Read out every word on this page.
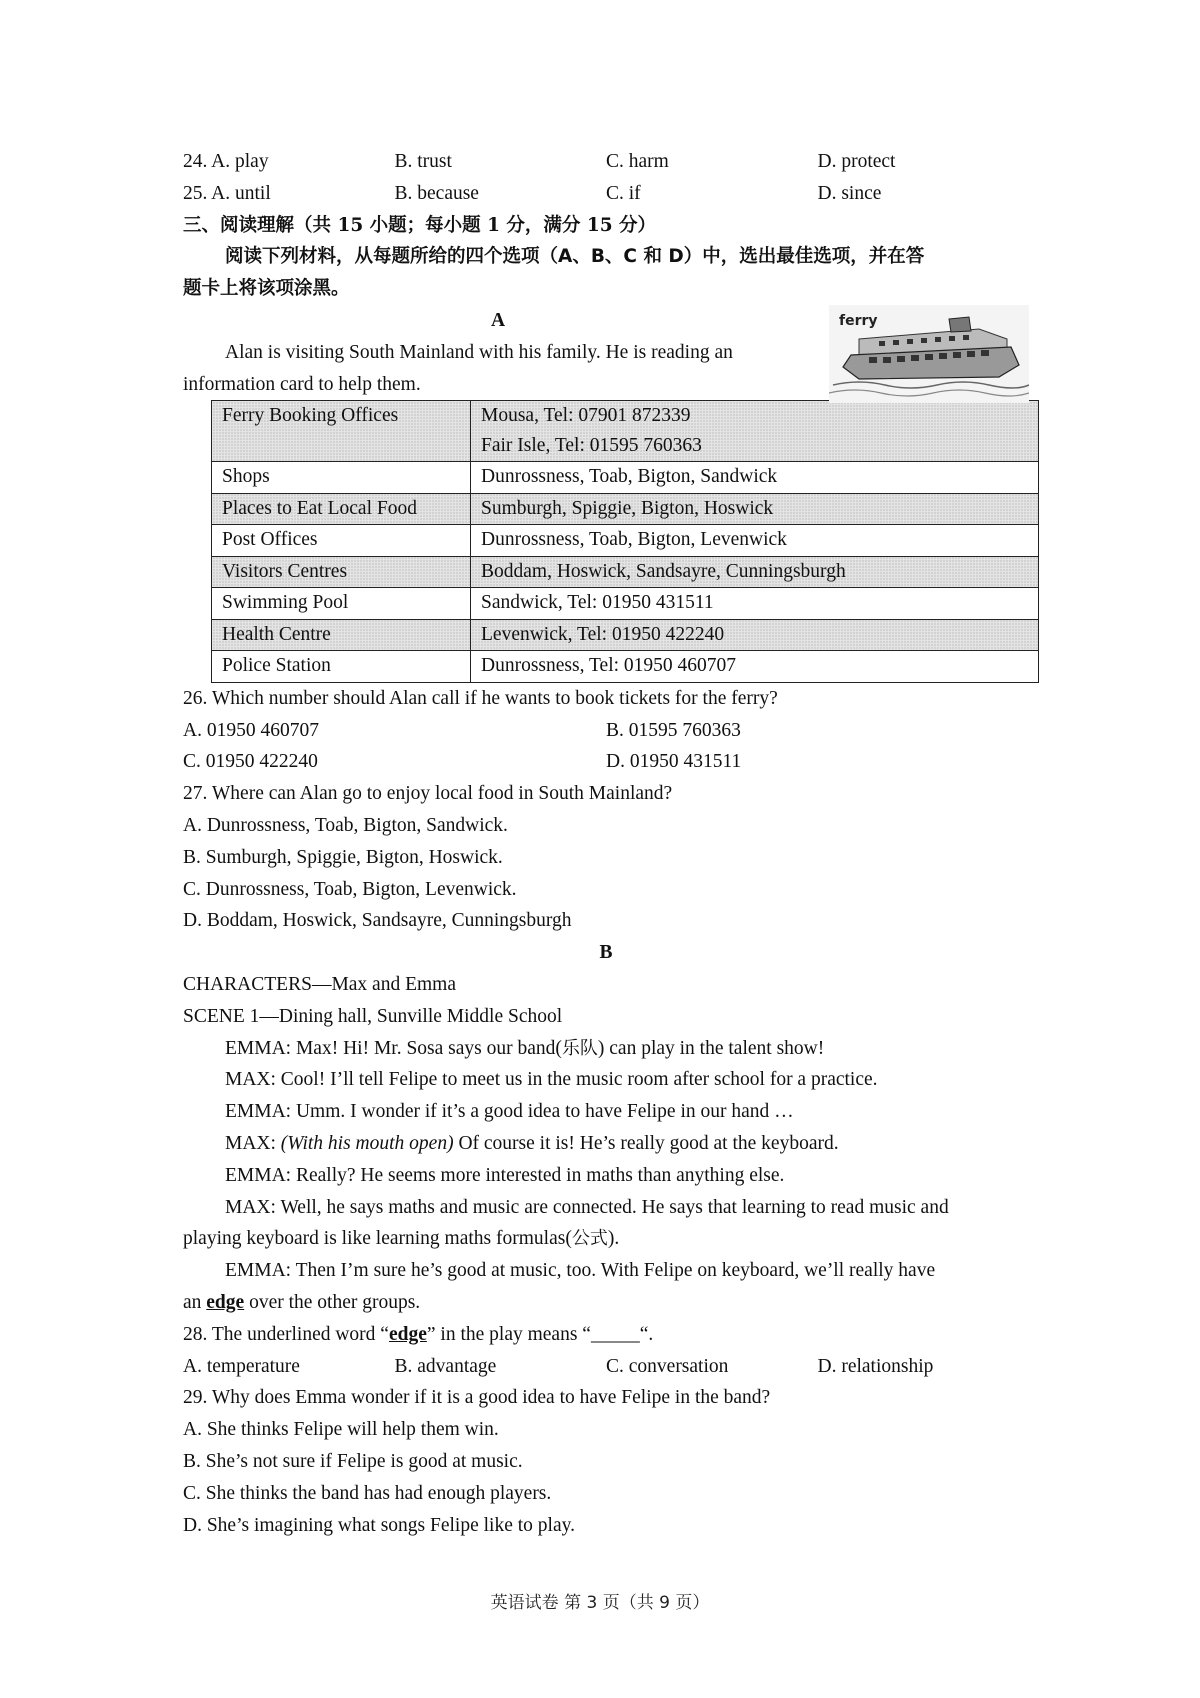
24. A. play	B. trust	C. harm	D. protect
25. A. until	B. because	C. if	D. since
三、阅读理解（共 15 小题；每小题 1 分，满分 15 分）
阅读下列材料，从每题所给的四个选项（A、B、C 和 D）中，选出最佳选项，并在答
题卡上将该项涂黑。
ferry
A
Alan is visiting South Mainland with his family. He is reading an
information card to help them.
Ferry Booking Offices	Mousa, Tel: 07901 872339
Fair Isle, Tel: 01595 760363

Shops	Dunrossness, Toab, Bigton, Sandwick
Places to Eat Local Food	Sumburgh, Spiggie, Bigton, Hoswick
Post Offices	Dunrossness, Toab, Bigton, Levenwick
Visitors Centres	Boddam, Hoswick, Sandsayre, Cunningsburgh
Swimming Pool	Sandwick, Tel: 01950 431511
Health Centre	Levenwick, Tel: 01950 422240
Police Station	Dunrossness, Tel: 01950 460707
26. Which number should Alan call if he wants to book tickets for the ferry?
A. 01950 460707	B. 01595 760363
C. 01950 422240	D. 01950 431511
27. Where can Alan go to enjoy local food in South Mainland?
A. Dunrossness, Toab, Bigton, Sandwick.
B. Sumburgh, Spiggie, Bigton, Hoswick.
C. Dunrossness, Toab, Bigton, Levenwick.
D. Boddam, Hoswick, Sandsayre, Cunningsburgh
B
CHARACTERS—Max and Emma
SCENE 1—Dining hall, Sunville Middle School
EMMA: Max! Hi! Mr. Sosa says our band(乐队) can play in the talent show!
MAX: Cool! I’ll tell Felipe to meet us in the music room after school for a practice.
EMMA: Umm. I wonder if it’s a good idea to have Felipe in our hand …
MAX: (With his mouth open) Of course it is! He’s really good at the keyboard.
EMMA: Really? He seems more interested in maths than anything else.
MAX: Well, he says maths and music are connected. He says that learning to read music and
playing keyboard is like learning maths formulas(公式).
EMMA: Then I’m sure he’s good at music, too. With Felipe on keyboard, we’ll really have
an edge over the other groups.
28. The underlined word “edge” in the play means “_____“.
A. temperature	B. advantage	C. conversation	D. relationship
29. Why does Emma wonder if it is a good idea to have Felipe in the band?
A. She thinks Felipe will help them win.
B. She’s not sure if Felipe is good at music.
C. She thinks the band has had enough players.
D. She’s imagining what songs Felipe like to play.
英语试卷 第 3 页（共 9 页）
